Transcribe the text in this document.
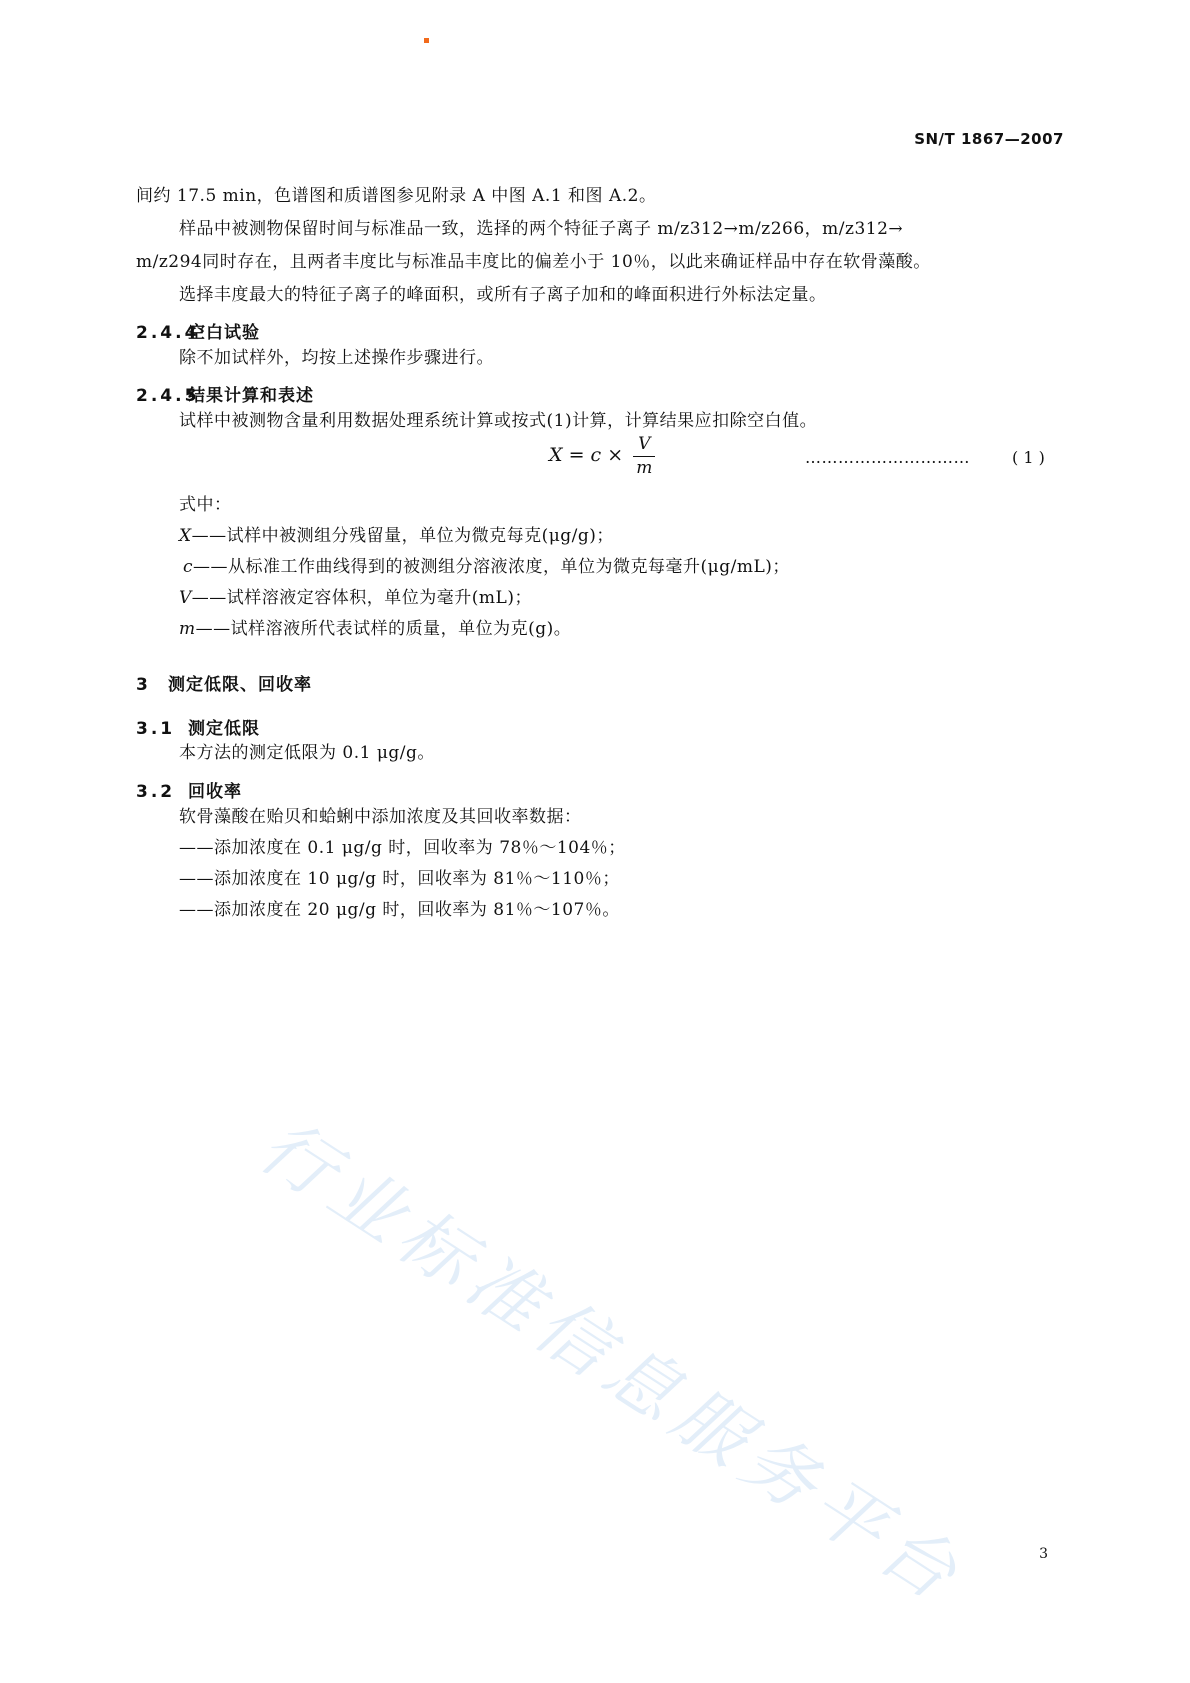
行业标准信息服务平台
SN/T 1867—2007
间约 17.5 min，色谱图和质谱图参见附录 A 中图 A.1 和图 A.2。
样品中被测物保留时间与标准品一致，选择的两个特征子离子 m/z312→m/z266，m/z312→
m/z294同时存在，且两者丰度比与标准品丰度比的偏差小于 10％，以此来确证样品中存在软骨藻酸。
选择丰度最大的特征子离子的峰面积，或所有子离子加和的峰面积进行外标法定量。
2.4.4空白试验
除不加试样外，均按上述操作步骤进行。
2.4.5结果计算和表述
试样中被测物含量利用数据处理系统计算或按式(1)计算，计算结果应扣除空白值。
$X = c \times \frac{V}{m}$	…………………………	( 1 )
式中：
X——试样中被测组分残留量，单位为微克每克(μg/g)；
c——从标准工作曲线得到的被测组分溶液浓度，单位为微克每毫升(μg/mL)；
V——试样溶液定容体积，单位为毫升(mL)；
m——试样溶液所代表试样的质量，单位为克(g)。
3 测定低限、回收率
3.1 测定低限
本方法的测定低限为 0.1 μg/g。
3.2 回收率
软骨藻酸在贻贝和蛤蜊中添加浓度及其回收率数据：
——添加浓度在 0.1 μg/g 时，回收率为 78％～104％；
——添加浓度在 10 μg/g 时，回收率为 81％～110％；
——添加浓度在 20 μg/g 时，回收率为 81％～107％。
3
